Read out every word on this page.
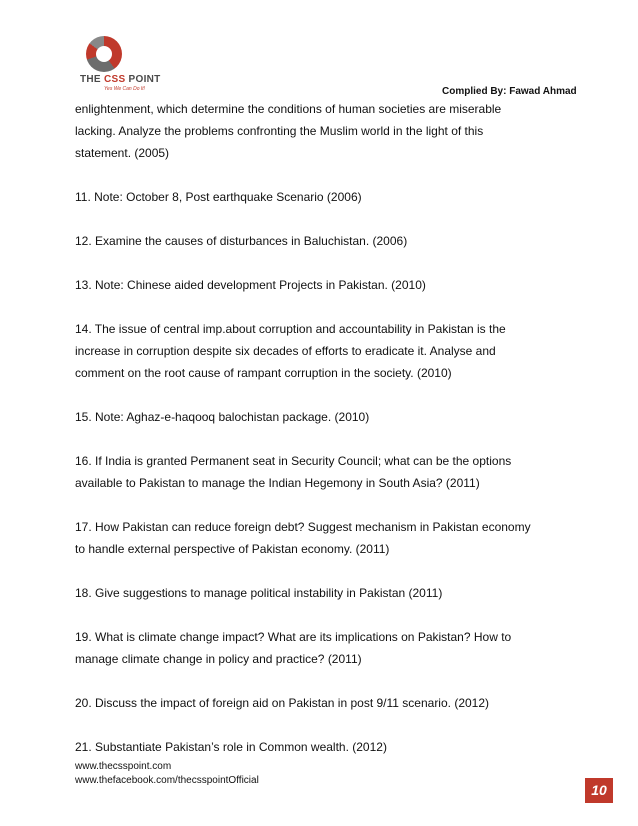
THE CSS POINT
Yes We Can Do It!	Complied By: Fawad Ahmad

enlightenment, which determine the conditions of human societies are miserable

lacking. Analyze the problems confronting the Muslim world in the light of this

statement. (2005)

11. Note: October 8, Post earthquake Scenario (2006)

12. Examine the causes of disturbances in Baluchistan. (2006)

13. Note: Chinese aided development Projects in Pakistan. (2010)

14. The issue of central imp.about corruption and accountability in Pakistan is the

increase in corruption despite six decades of efforts to eradicate it. Analyse and

comment on the root cause of rampant corruption in the society. (2010)

15. Note: Aghaz-e-haqooq balochistan package. (2010)

16. If India is granted Permanent seat in Security Council; what can be the options

available to Pakistan to manage the Indian Hegemony in South Asia? (2011)

17. How Pakistan can reduce foreign debt? Suggest mechanism in Pakistan economy

to handle external perspective of Pakistan economy. (2011)

18. Give suggestions to manage political instability in Pakistan (2011)

19. What is climate change impact? What are its implications on Pakistan? How to

manage climate change in policy and practice? (2011)

20. Discuss the impact of foreign aid on Pakistan in post 9/11 scenario. (2012)

21. Substantiate Pakistan’s role in Common wealth. (2012)

www.thecsspoint.com
www.thefacebook.com/thecsspointOfficial
10
